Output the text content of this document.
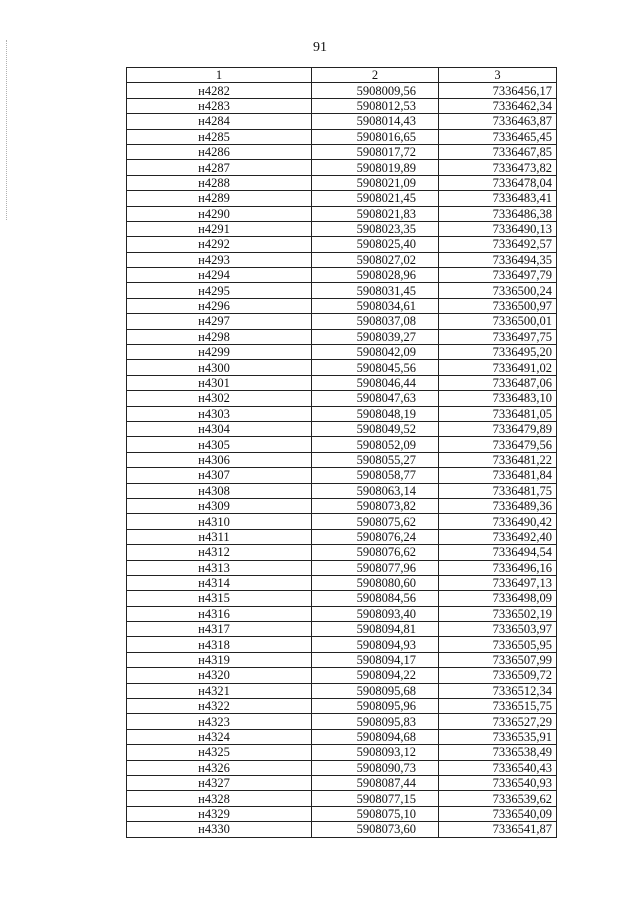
91
1	2	3
н4282	5908009,56	7336456,17
н4283	5908012,53	7336462,34
н4284	5908014,43	7336463,87
н4285	5908016,65	7336465,45
н4286	5908017,72	7336467,85
н4287	5908019,89	7336473,82
н4288	5908021,09	7336478,04
н4289	5908021,45	7336483,41
н4290	5908021,83	7336486,38
н4291	5908023,35	7336490,13
н4292	5908025,40	7336492,57
н4293	5908027,02	7336494,35
н4294	5908028,96	7336497,79
н4295	5908031,45	7336500,24
н4296	5908034,61	7336500,97
н4297	5908037,08	7336500,01
н4298	5908039,27	7336497,75
н4299	5908042,09	7336495,20
н4300	5908045,56	7336491,02
н4301	5908046,44	7336487,06
н4302	5908047,63	7336483,10
н4303	5908048,19	7336481,05
н4304	5908049,52	7336479,89
н4305	5908052,09	7336479,56
н4306	5908055,27	7336481,22
н4307	5908058,77	7336481,84
н4308	5908063,14	7336481,75
н4309	5908073,82	7336489,36
н4310	5908075,62	7336490,42
н4311	5908076,24	7336492,40
н4312	5908076,62	7336494,54
н4313	5908077,96	7336496,16
н4314	5908080,60	7336497,13
н4315	5908084,56	7336498,09
н4316	5908093,40	7336502,19
н4317	5908094,81	7336503,97
н4318	5908094,93	7336505,95
н4319	5908094,17	7336507,99
н4320	5908094,22	7336509,72
н4321	5908095,68	7336512,34
н4322	5908095,96	7336515,75
н4323	5908095,83	7336527,29
н4324	5908094,68	7336535,91
н4325	5908093,12	7336538,49
н4326	5908090,73	7336540,43
н4327	5908087,44	7336540,93
н4328	5908077,15	7336539,62
н4329	5908075,10	7336540,09
н4330	5908073,60	7336541,87
